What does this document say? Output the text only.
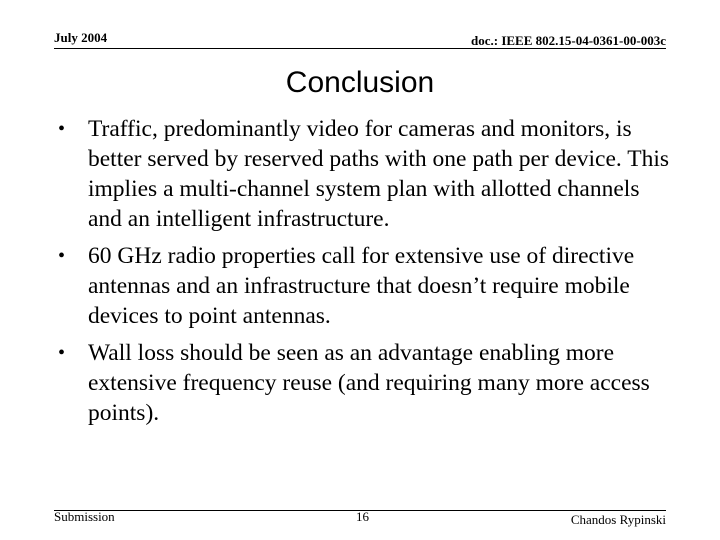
July 2004	doc.: IEEE 802.15-04-0361-00-003c
Conclusion
• Traffic, predominantly video for cameras and monitors, is better served by reserved paths with one path per device. This implies a multi-channel system plan with allotted channels and an intelligent infrastructure.
• 60 GHz radio properties call for extensive use of directive antennas and an infrastructure that doesn’t require mobile devices to point antennas.
• Wall loss should be seen as an advantage enabling more extensive frequency reuse (and requiring many more access points).
Submission	16	Chandos Rypinski
